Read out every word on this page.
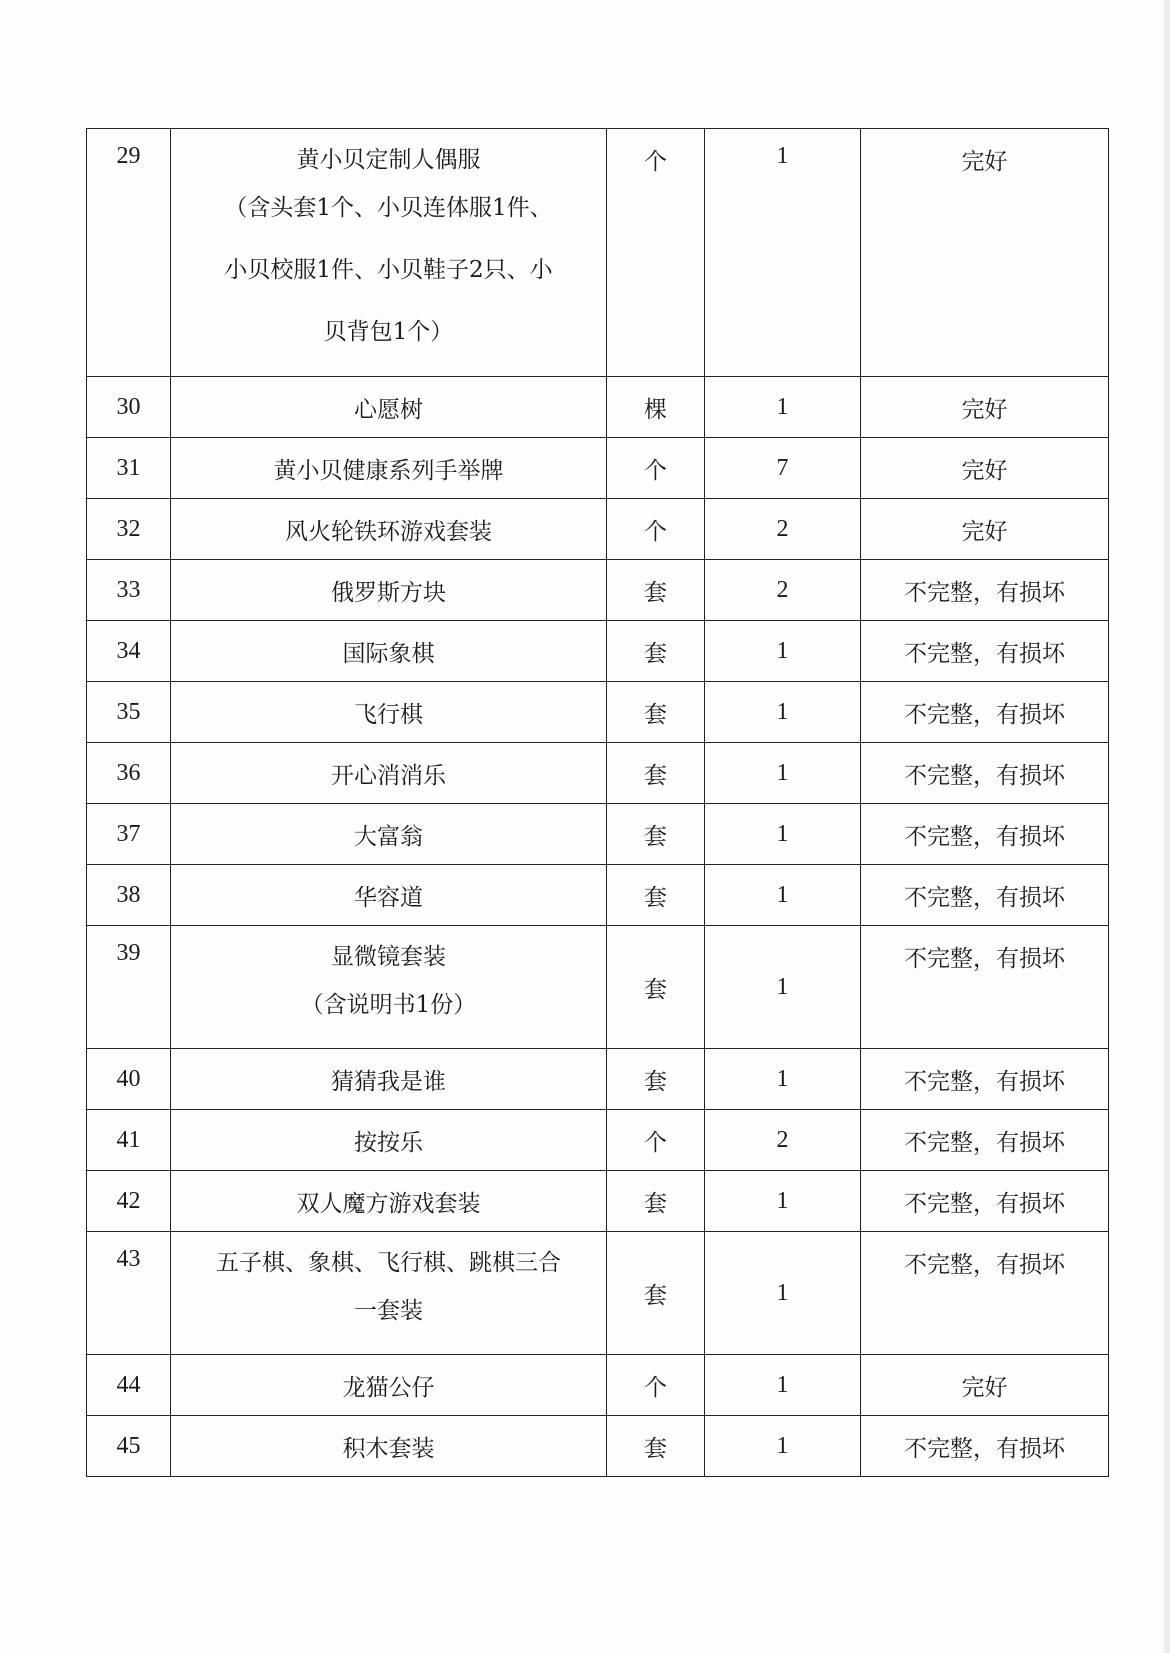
29	黄小贝定制人偶服
（含头套1个、小贝连体服1件、
小贝校服1件、小贝鞋子2只、小
贝背包1个）	个	1	完好
30	心愿树	棵	1	完好
31	黄小贝健康系列手举牌	个	7	完好
32	风火轮铁环游戏套装	个	2	完好
33	俄罗斯方块	套	2	不完整，有损坏
34	国际象棋	套	1	不完整，有损坏
35	飞行棋	套	1	不完整，有损坏
36	开心消消乐	套	1	不完整，有损坏
37	大富翁	套	1	不完整，有损坏
38	华容道	套	1	不完整，有损坏
39	显微镜套装
（含说明书1份）	套	1	不完整，有损坏
40	猜猜我是谁	套	1	不完整，有损坏
41	按按乐	个	2	不完整，有损坏
42	双人魔方游戏套装	套	1	不完整，有损坏
43	五子棋、象棋、飞行棋、跳棋三合
一套装	套	1	不完整，有损坏
44	龙猫公仔	个	1	完好
45	积木套装	套	1	不完整，有损坏
